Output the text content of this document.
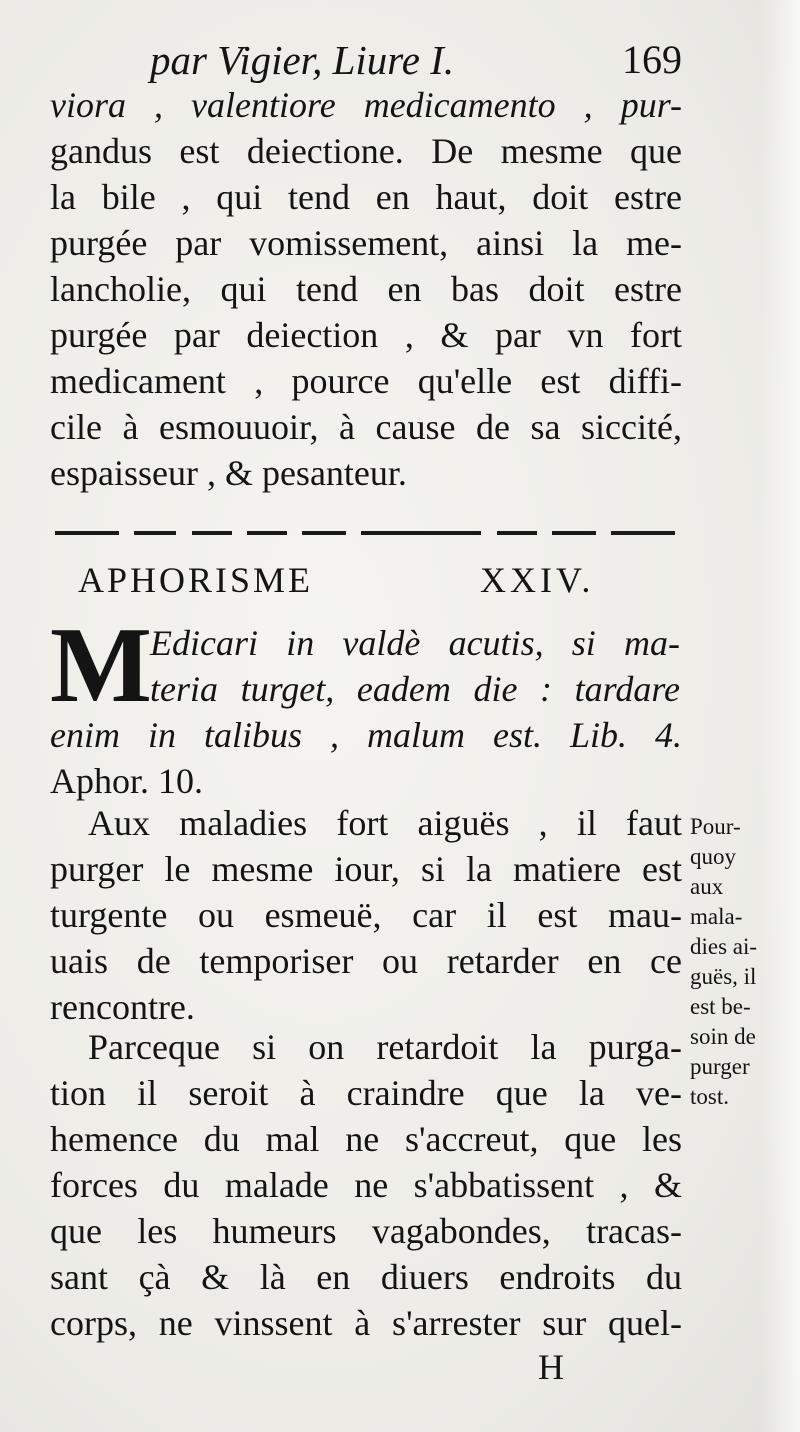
par Vigier, Liure I.	169
viora , valentiore medicamento , pur-
gandus est deiectione. De mesme que
la bile , qui tend en haut, doit estre
purgée par vomissement, ainsi la me-
lancholie, qui tend en bas doit estre
purgée par deiection , & par vn fort
medicament , pource qu'elle est diffi-
cile à esmouuoir, à cause de sa siccité,
espaisseur , & pesanteur.
APHORISME	XXIV.
M
Edicari in valdè acutis, si ma-
teria turget, eadem die : tardare
enim in talibus , malum est. Lib. 4.
Aphor. 10.
Aux maladies fort aiguës , il faut
purger le mesme iour, si la matiere est
turgente ou esmeuë, car il est mau-
uais de temporiser ou retarder en ce
rencontre.
Parceque si on retardoit la purga-
tion il seroit à craindre que la ve-
hemence du mal ne s'accreut, que les
forces du malade ne s'abbatissent , &
que les humeurs vagabondes, tracas-
sant çà & là en diuers endroits du
corps, ne vinssent à s'arrester sur quel-
Pour-
quoy
aux
mala-
dies ai-
guës, il
est be-
soin de
purger
tost.
H
